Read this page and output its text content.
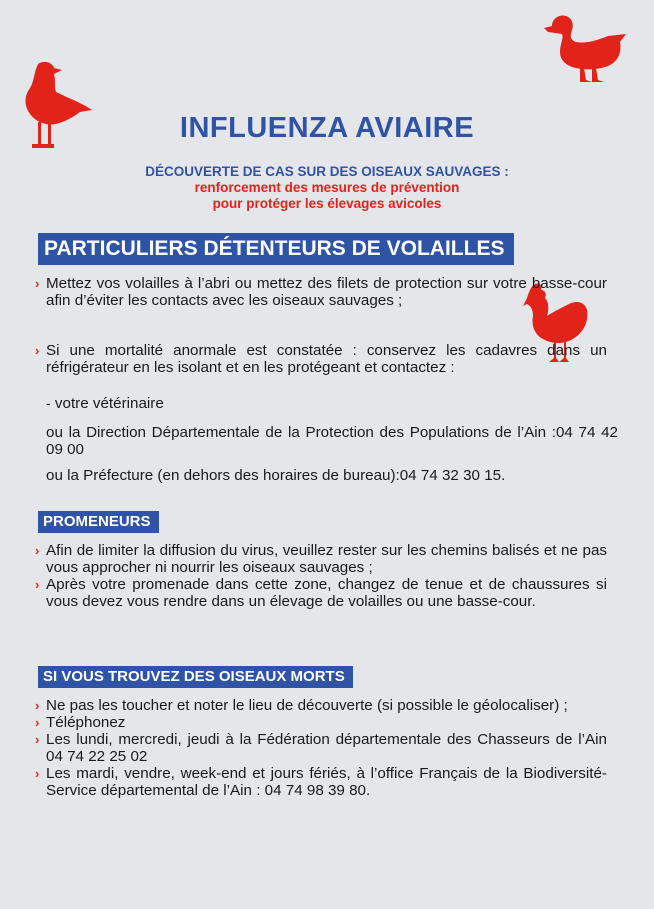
INFLUENZA AVIAIRE
DÉCOUVERTE DE CAS SUR DES OISEAUX SAUVAGES :
renforcement des mesures de prévention
pour protéger les élevages avicoles
PARTICULIERS DÉTENTEURS DE VOLAILLES
› Mettez vos volailles à l’abri ou mettez des filets de protection sur votre basse-cour afin d’éviter les contacts avec les oiseaux sauvages ;
› Si une mortalité anormale est constatée : conservez les cadavres dans un réfrigérateur en les isolant et en les protégeant et contactez :
- votre vétérinaire
ou la Direction Départementale de la Protection des Populations de l’Ain :04 74 42 09 00
ou la Préfecture (en dehors des horaires de bureau):04 74 32 30 15.
PROMENEURS
› Afin de limiter la diffusion du virus, veuillez rester sur les chemins balisés et ne pas vous approcher ni nourrir les oiseaux sauvages ;
› Après votre promenade dans cette zone, changez de tenue et de chaussures si vous devez vous rendre dans un élevage de volailles ou une basse-cour.
SI VOUS TROUVEZ DES OISEAUX MORTS
› Ne pas les toucher et noter le lieu de découverte (si possible le géolocaliser) ;
› Téléphonez
› Les lundi, mercredi, jeudi à la Fédération départementale des Chasseurs de l’Ain 04 74 22 25 02
› Les mardi, vendre, week-end et jours fériés, à l’office Français de la Biodiversité-Service départemental de l’Ain : 04 74 98 39 80.
